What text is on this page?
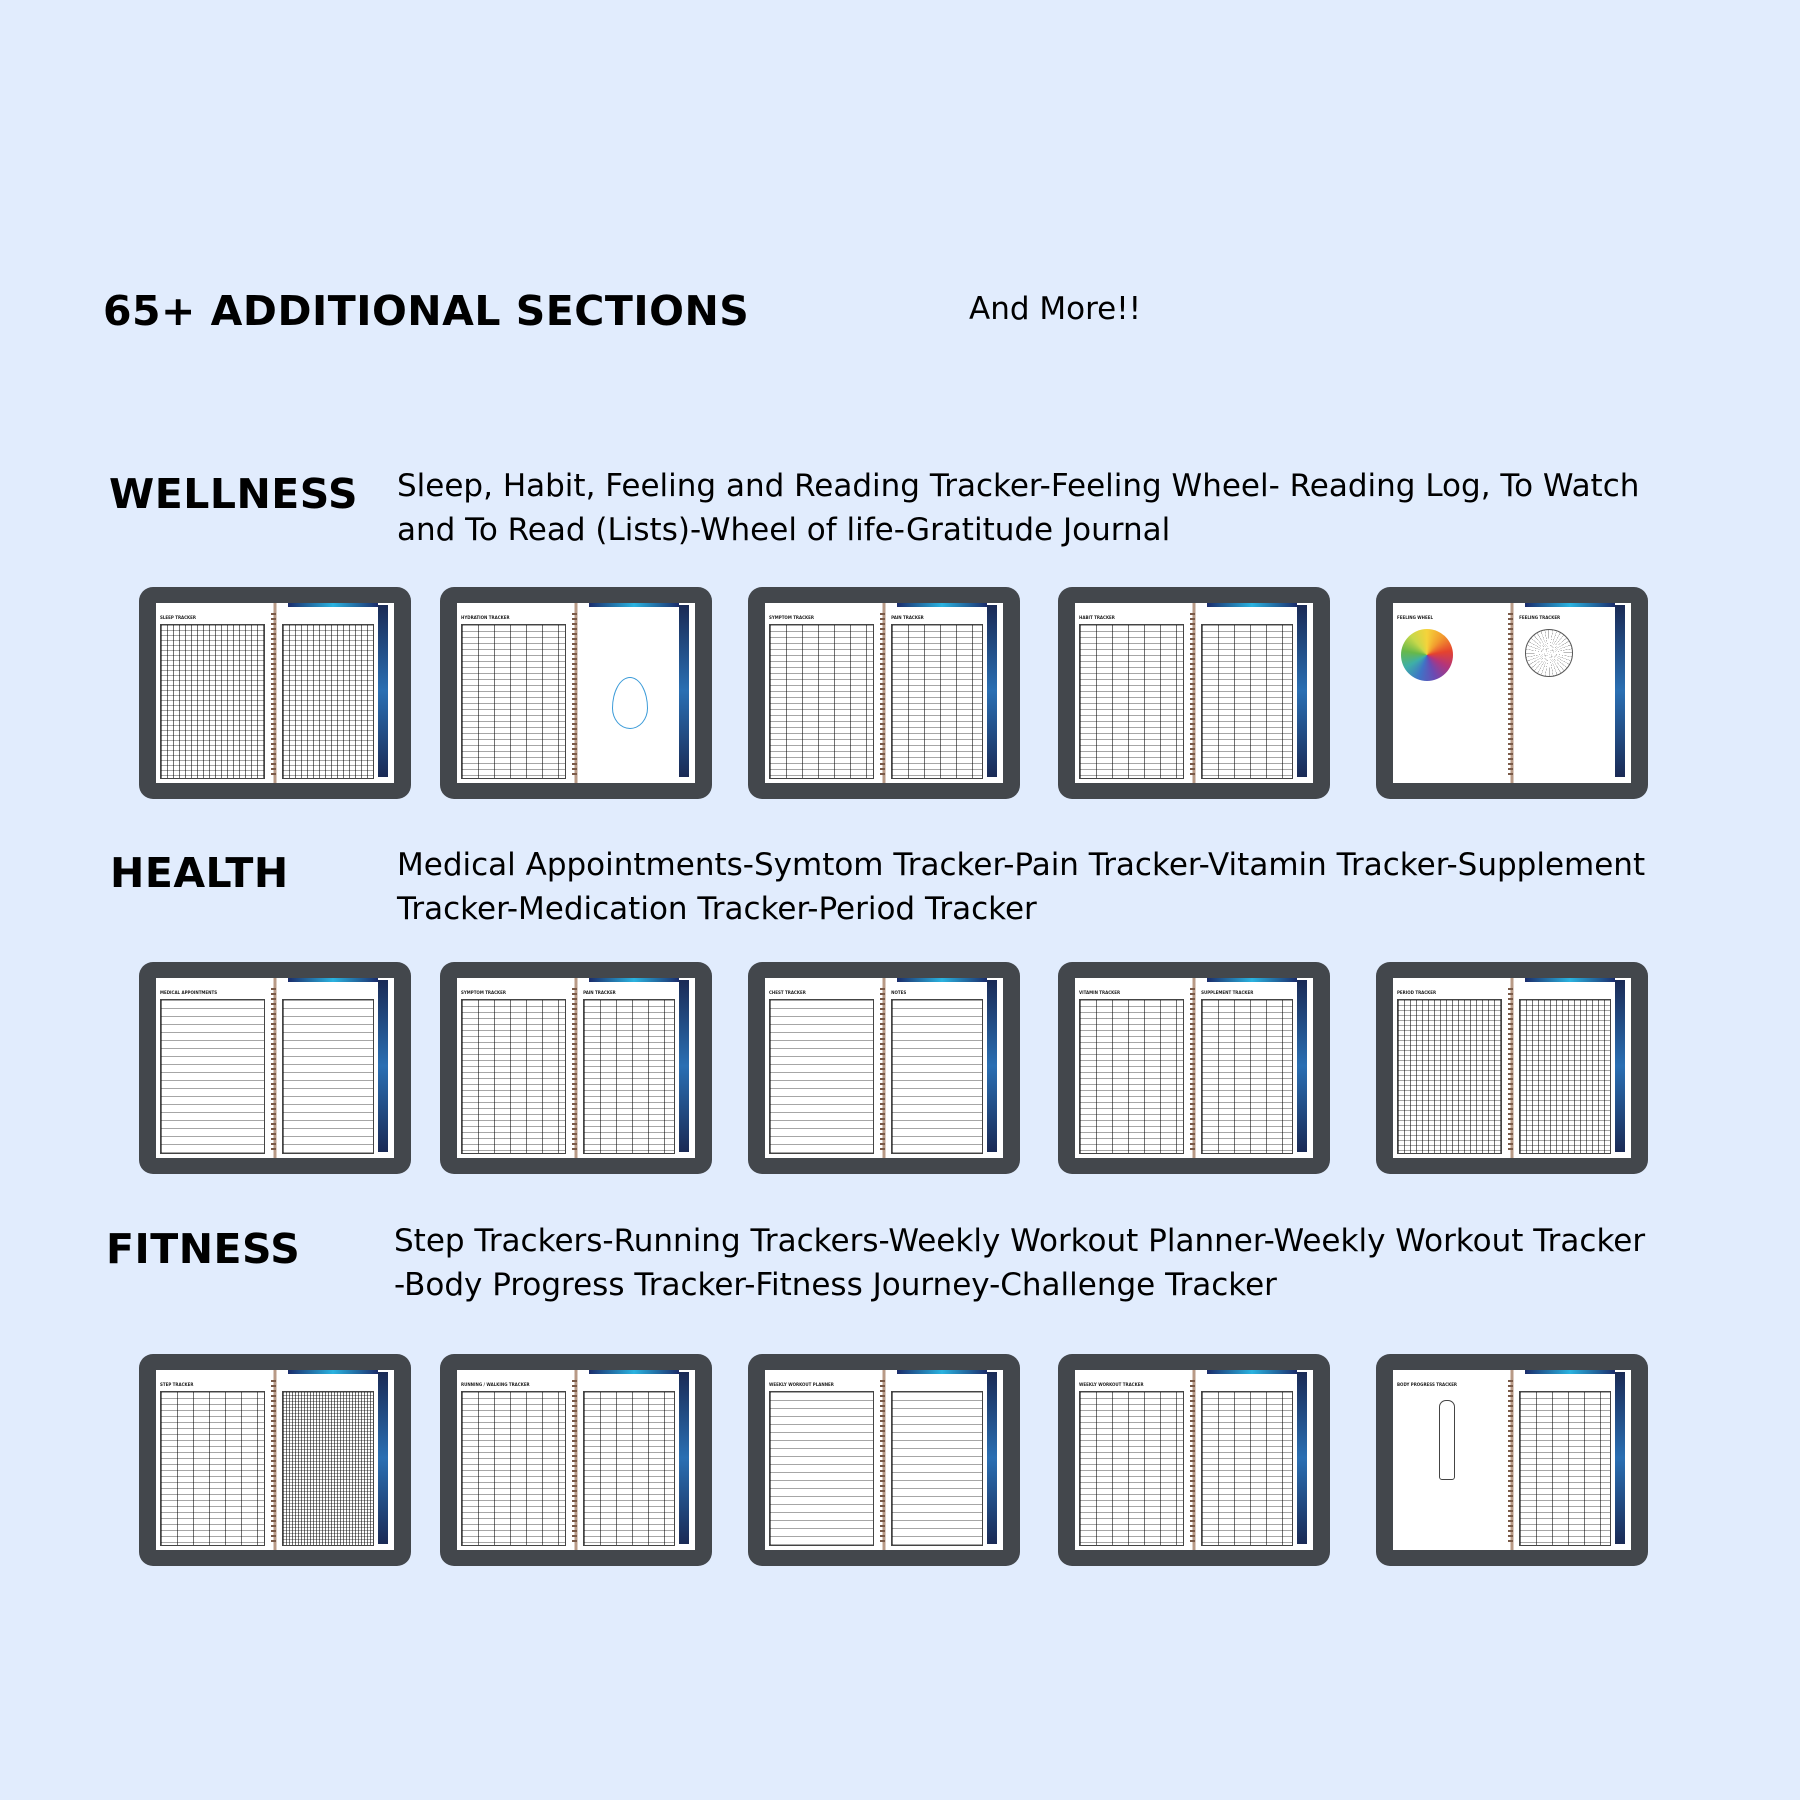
65+ ADDITIONAL SECTIONS	And More!!
WELLNESS Sleep, Habit, Feeling and Reading Tracker-Feeling Wheel- Reading Log, To Watch
and To Read (Lists)-Wheel of life-Gratitude Journal
SLEEP TRACKER	HYDRATION TRACKER	SYMPTOM TRACKER	PAIN TRACKER	HABIT TRACKER	FEELING WHEEL	FEELING TRACKER
HEALTH	Medical Appointments-Symtom Tracker-Pain Tracker-Vitamin Tracker-Supplement
Tracker-Medication Tracker-Period Tracker
MEDICAL APPOINTMENTS	SYMPTOM TRACKER	PAIN TRACKER	CHEST TRACKER	NOTES	VITAMIN TRACKER	SUPPLEMENT TRACKER	PERIOD TRACKER
FITNESS	Step Trackers-Running Trackers-Weekly Workout Planner-Weekly Workout Tracker
-Body Progress Tracker-Fitness Journey-Challenge Tracker
STEP TRACKER	RUNNING / WALKING TRACKER	WEEKLY WORKOUT PLANNER	WEEKLY WORKOUT TRACKER	BODY PROGRESS TRACKER
